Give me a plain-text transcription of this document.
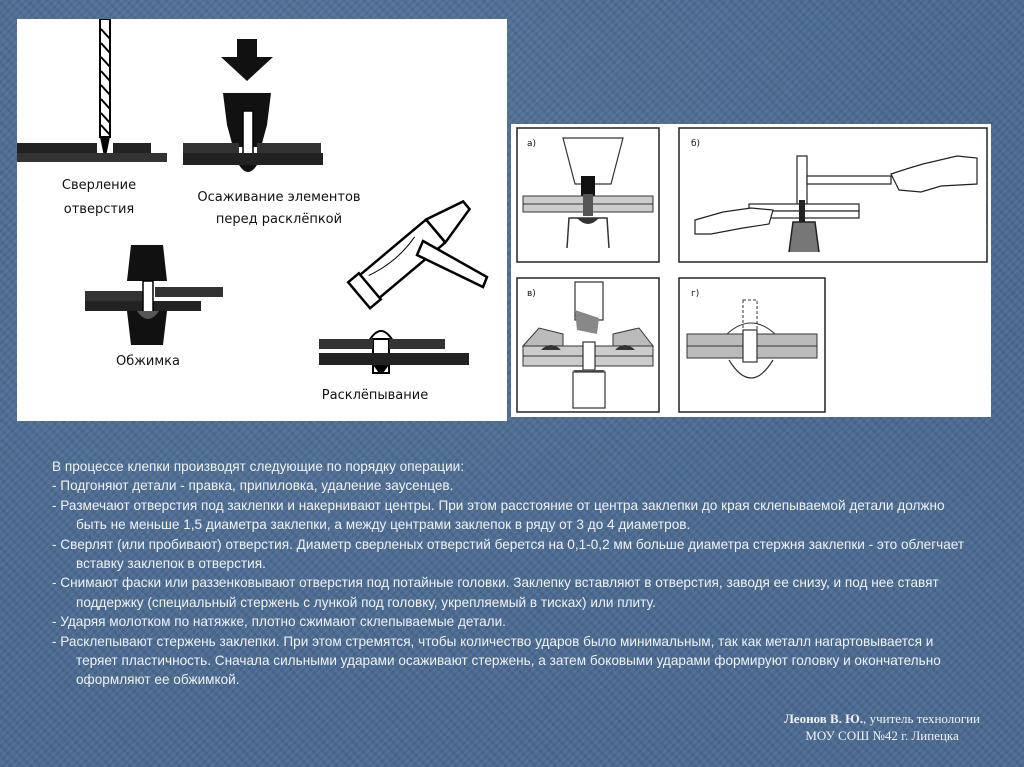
Сверление
отверстия
Осаживание элементов
перед расклёпкой
Обжимка
Расклёпывание
а)	б)
в)	г)

В процессе клепки производят следующие по порядку операции:

- Подгоняют детали - правка, припиловка, удаление заусенцев.

- Размечают отверстия под заклепки и накернивают центры. При этом расстояние от центра заклепки до края склепываемой детали должно быть не меньше 1,5 диаметра заклепки, а между центрами заклепок в ряду от 3 до 4 диаметров.

- Сверлят (или пробивают) отверстия. Диаметр сверленых отверстий берется на 0,1-0,2 мм больше диаметра стержня заклепки - это облегчает вставку заклепок в отверстия.

- Снимают фаски или раззенковывают отверстия под потайные головки. Заклепку вставляют в отверстия, заводя ее снизу, и под нее ставят поддержку (специальный стержень с лункой под головку, укрепляемый в тисках) или плиту.

- Ударяя молотком по натяжке, плотно сжимают склепываемые детали.

- Расклепывают стержень заклепки. При этом стремятся, чтобы количество ударов было минимальным, так как металл нагартовывается и теряет пластичность. Сначала сильными ударами осаживают стержень, а затем боковыми ударами формируют головку и окончательно оформляют ее обжимкой.

Леонов В. Ю., учитель технологии
МОУ СОШ №42 г. Липецка
